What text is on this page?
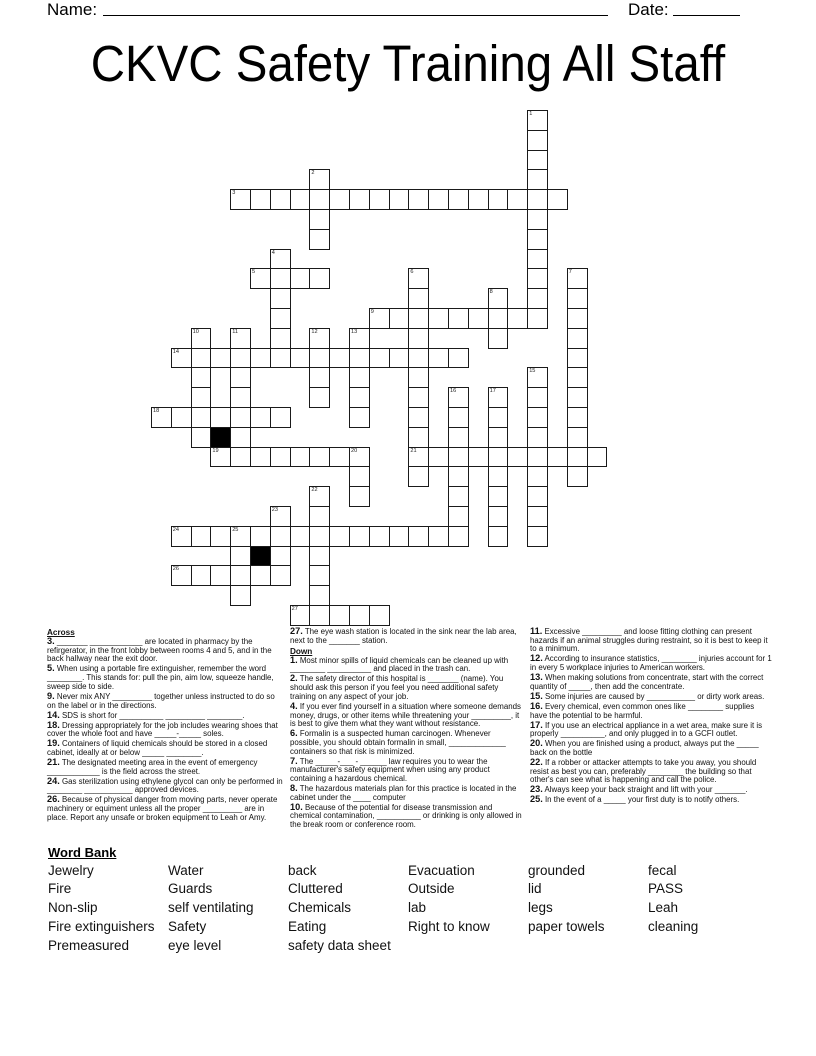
Name:	Date:
CKVC Safety Training All Staff
1
2
3
4
5	6
21
7
8
9
10	11	12	13
14
15
16	17
18
19	20
22
23
24	25
26
27
Across
3. _______ ____________ are located in pharmacy by the refirgerator, in the front lobby between rooms 4 and 5, and in the back hallway near the exit door.
5. When using a portable fire extinguisher, remember the word ________. This stands for: pull the pin, aim low, squeeze handle, sweep side to side.
9. Never mix ANY _________ together unless instructed to do so on the label or in the directions.
14. SDS is short for __________ _________ ________.
18. Dressing appropriately for the job includes wearing shoes that cover the whole foot and have _____-_____ soles.
19. Containers of liquid chemicals should be stored in a closed cabinet, ideally at or below _____ ________.
21. The designated meeting area in the event of emergency ____________ is the field across the street.
24. Gas sterilization using ethylene glycol can only be performed in ________ ___________ approved devices.
26. Because of physical danger from moving parts, never operate machinery or equiment unless all the proper _________ are in place. Report any unsafe or broken equipment to Leah or Amy.
27. The eye wash station is located in the sink near the lab area, next to the _______ station.
Down
1. Most minor spills of liquid chemicals can be cleaned up with ________ __________ and placed in the trash can.
2. The safety director of this hospital is _______ (name). You should ask this person if you feel you need additional safety training on any aspect of your job.
4. If you ever find yourself in a situation where someone demands money, drugs, or other items while threatening your _________, it is best to give them what they want without resistance.
6. Formalin is a suspected human carcinogen. Whenever possible, you should obtain formalin in small, _____________ containers so that risk is minimized.
7. The _____-___ - ______ law requires you to wear the manufacturer's safety equipment when using any product containing a hazardous chemical.
8. The hazardous materials plan for this practice is located in the cabinet under the ____ computer
10. Because of the potential for disease transmission and chemical contamination, __________ or drinking is only allowed in the break room or conference room.
11. Excessive _________ and loose fitting clothing can present hazards if an animal struggles during restraint, so it is best to keep it to a minimum.
12. According to insurance statistics, ________ injuries account for 1 in every 5 workplace injuries to American workers.
13. When making solutions from concentrate, start with the correct quantity of _____, then add the concentrate.
15. Some injuries are caused by ___________ or dirty work areas.
16. Every chemical, even common ones like ________ supplies have the potential to be harmful.
17. If you use an electrical appliance in a wet area, make sure it is properly __________, and only plugged in to a GCFI outlet.
20. When you are finished using a product, always put the _____ back on the bottle
22. If a robber or attacker attempts to take you away, you should resist as best you can, preferably ________ the building so that other's can see what is happening and call the police.
23. Always keep your back straight and lift with your _______.
25. In the event of a _____ your first duty is to notify others.
Word Bank
Jewelry	Water	back	Evacuation	grounded	fecal
Fire	Guards	Cluttered	Outside	lid	PASS
Non-slip	self ventilating	Chemicals	lab	legs	Leah
Fire extinguishers Safety	Eating	Right to know	paper towels	cleaning
Premeasured	eye level	safety data sheet
